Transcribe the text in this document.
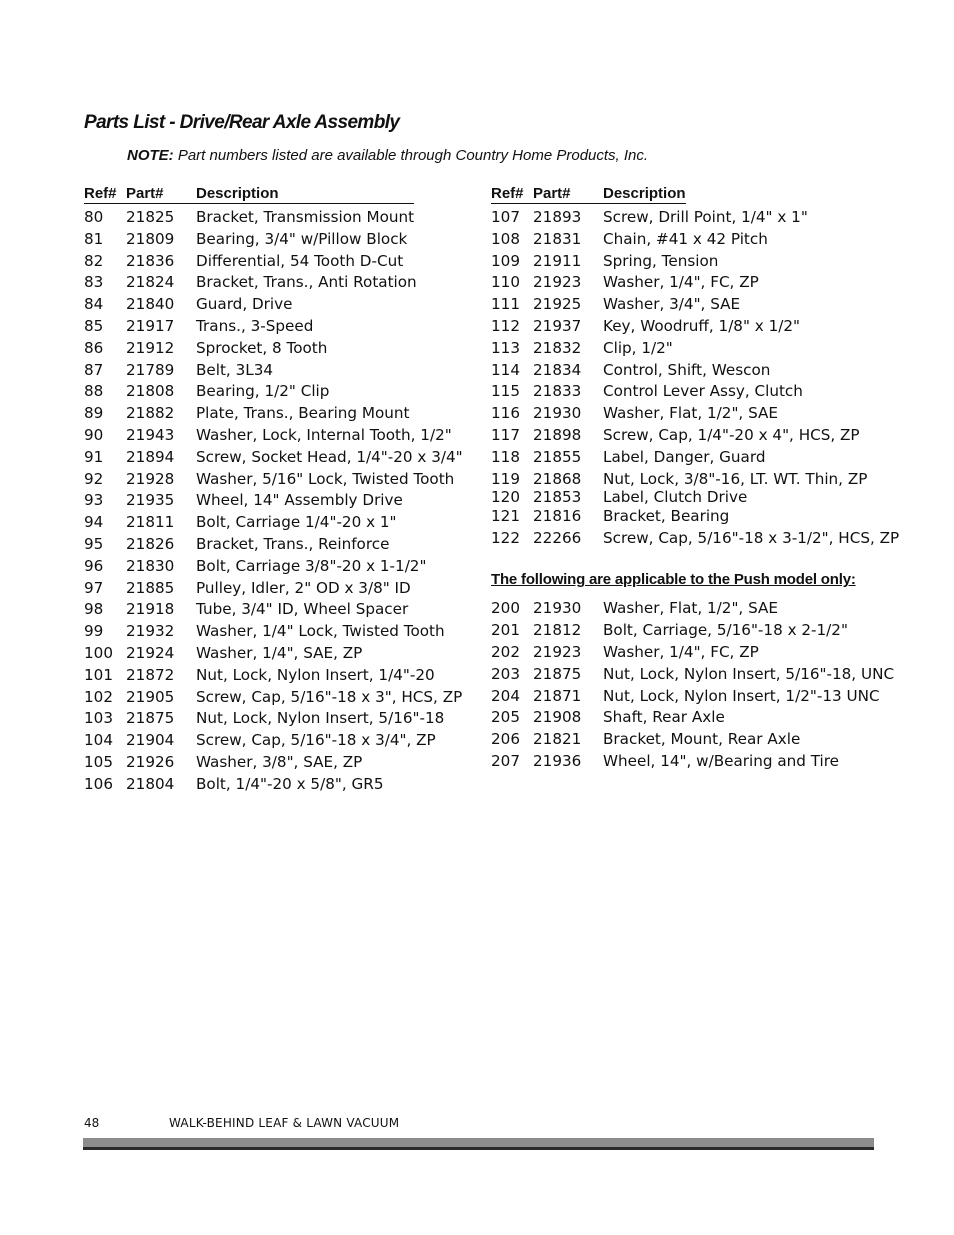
Parts List - Drive/Rear Axle Assembly
NOTE: Part numbers listed are available through Country Home Products, Inc.
Ref# Part# Description
80 21825 Bracket, Transmission Mount
81 21809 Bearing, 3/4" w/Pillow Block
82 21836 Differential, 54 Tooth D-Cut
83 21824 Bracket, Trans., Anti Rotation
84 21840 Guard, Drive
85 21917 Trans., 3-Speed
86 21912 Sprocket, 8 Tooth
87 21789 Belt, 3L34
88 21808 Bearing, 1/2" Clip
89 21882 Plate, Trans., Bearing Mount
90 21943 Washer, Lock, Internal Tooth, 1/2"
91 21894 Screw, Socket Head, 1/4"-20 x 3/4"
92 21928 Washer, 5/16" Lock, Twisted Tooth
93 21935 Wheel, 14" Assembly Drive
94 21811 Bolt, Carriage 1/4"-20 x 1"
95 21826 Bracket, Trans., Reinforce
96 21830 Bolt, Carriage 3/8"-20 x 1-1/2"
97 21885 Pulley, Idler, 2" OD x 3/8" ID
98 21918 Tube, 3/4" ID, Wheel Spacer
99 21932 Washer, 1/4" Lock, Twisted Tooth
100 21924 Washer, 1/4", SAE, ZP
101 21872 Nut, Lock, Nylon Insert, 1/4"-20
102 21905 Screw, Cap, 5/16"-18 x 3", HCS, ZP
103 21875 Nut, Lock, Nylon Insert, 5/16"-18
104 21904 Screw, Cap, 5/16"-18 x 3/4", ZP
105 21926 Washer, 3/8", SAE, ZP
106 21804 Bolt, 1/4"-20 x 5/8", GR5
Ref# Part# Description
107 21893 Screw, Drill Point, 1/4" x 1"
108 21831 Chain, #41 x 42 Pitch
109 21911 Spring, Tension
110 21923 Washer, 1/4", FC, ZP
111 21925 Washer, 3/4", SAE
112 21937 Key, Woodruff, 1/8" x 1/2"
113 21832 Clip, 1/2"
114 21834 Control, Shift, Wescon
115 21833 Control Lever Assy, Clutch
116 21930 Washer, Flat, 1/2", SAE
117 21898 Screw, Cap, 1/4"-20 x 4", HCS, ZP
118 21855 Label, Danger, Guard
119 21868 Nut, Lock, 3/8"-16, LT. WT. Thin, ZP
120 21853 Label, Clutch Drive
121 21816 Bracket, Bearing
122 22266 Screw, Cap, 5/16"-18 x 3-1/2", HCS, ZP
The following are applicable to the Push model only:
200 21930 Washer, Flat, 1/2", SAE
201 21812 Bolt, Carriage, 5/16"-18 x 2-1/2"
202 21923 Washer, 1/4", FC, ZP
203 21875 Nut, Lock, Nylon Insert, 5/16"-18, UNC
204 21871 Nut, Lock, Nylon Insert, 1/2"-13 UNC
205 21908 Shaft, Rear Axle
206 21821 Bracket, Mount, Rear Axle
207 21936 Wheel, 14", w/Bearing and Tire
48	WALK-BEHIND LEAF & LAWN VACUUM
